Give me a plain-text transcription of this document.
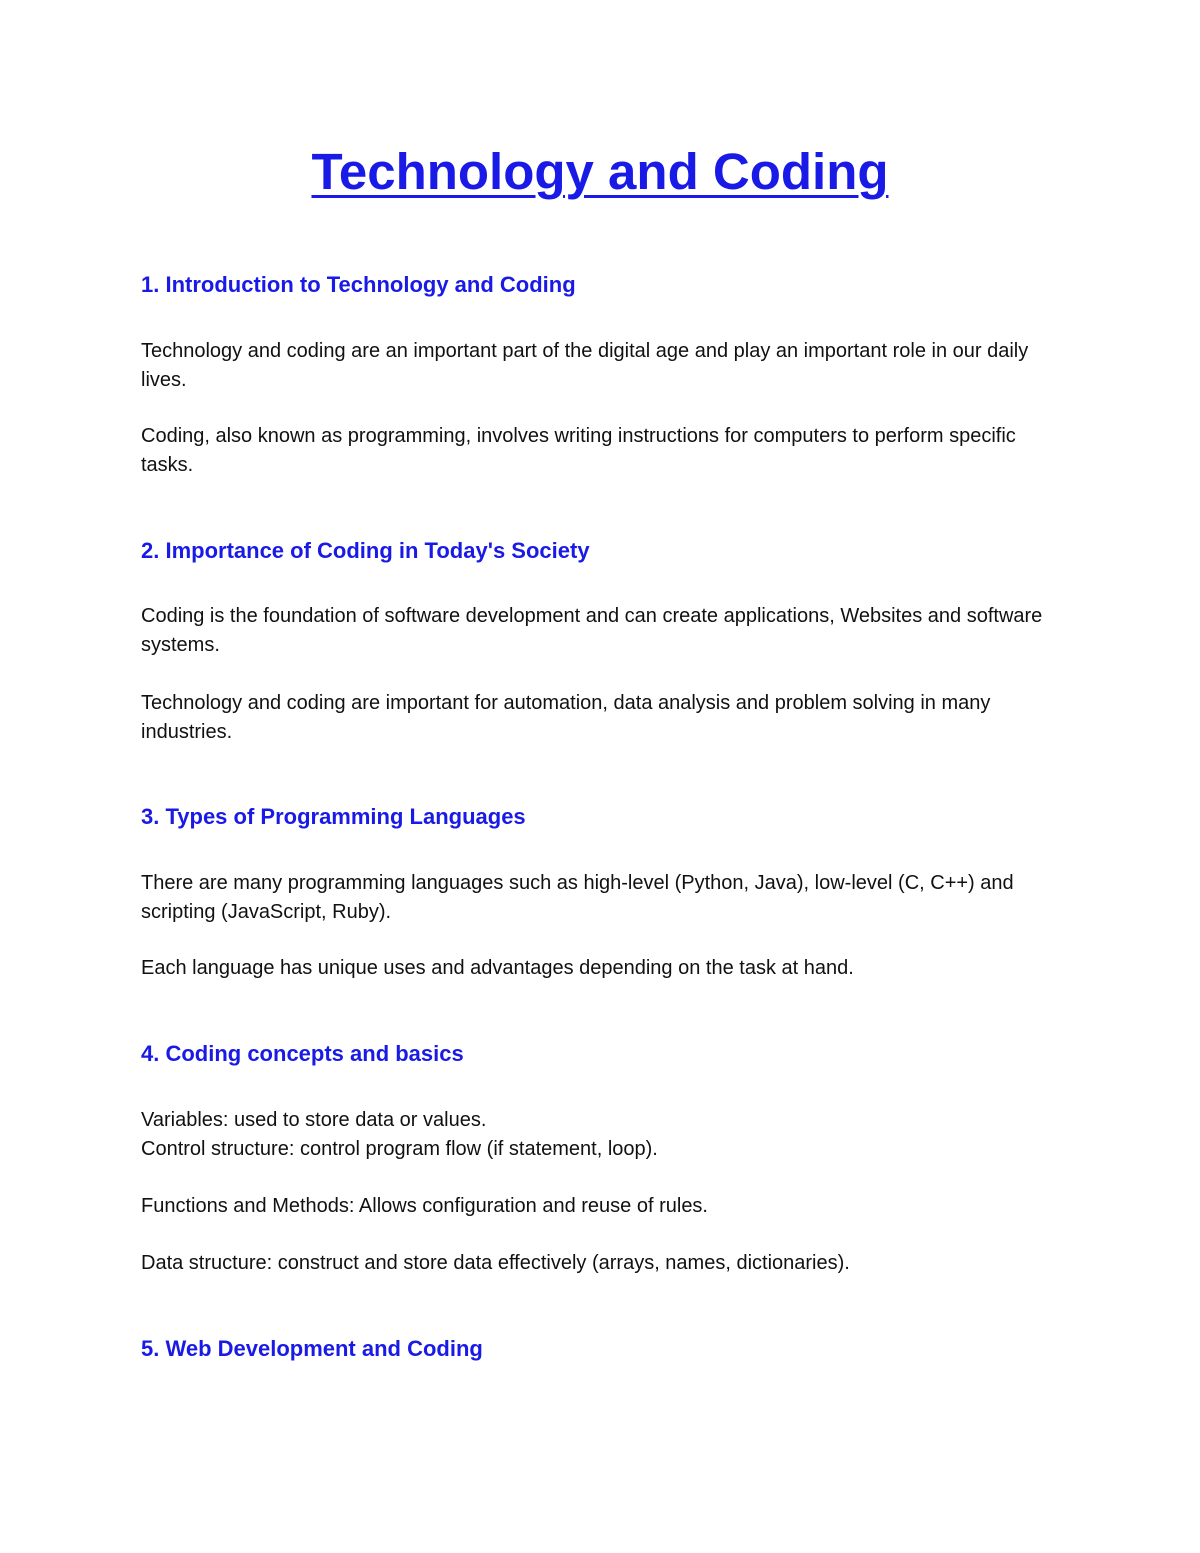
Technology and Coding
1. Introduction to Technology and Coding

Technology and coding are an important part of the digital age and play an important role in our daily lives.

Coding, also known as programming, involves writing instructions for computers to perform specific tasks.

2. Importance of Coding in Today's Society

Coding is the foundation of software development and can create applications, Websites and software systems.

Technology and coding are important for automation, data analysis and problem solving in many industries.

3. Types of Programming Languages

There are many programming languages such as high-level (Python, Java), low-level (C, C++) and scripting (JavaScript, Ruby).

Each language has unique uses and advantages depending on the task at hand.

4. Coding concepts and basics

Variables: used to store data or values.

Control structure: control program flow (if statement, loop).

Functions and Methods: Allows configuration and reuse of rules.

Data structure: construct and store data effectively (arrays, names, dictionaries).

5. Web Development and Coding
